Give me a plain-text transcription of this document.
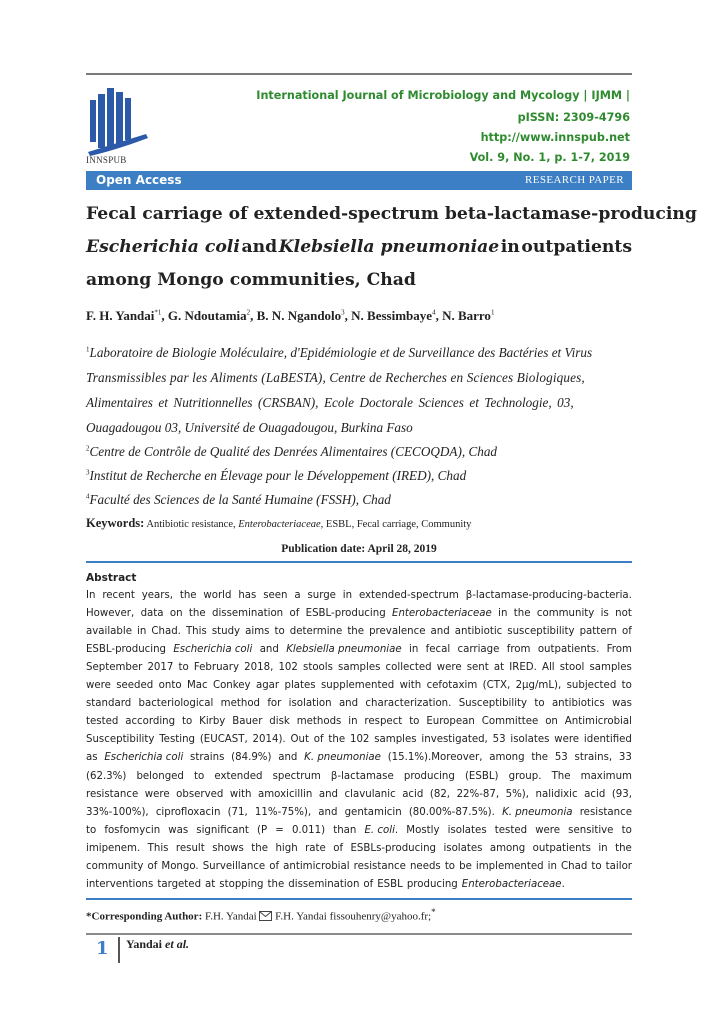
INNSPUB
International Journal of Microbiology and Mycology | IJMM |
pISSN: 2309-4796
http://www.innspub.net
Vol. 9, No. 1, p. 1-7, 2019
Open Access	RESEARCH PAPER
Fecal carriage of extended-spectrum beta-lactamase-producing
Escherichia coli and Klebsiella pneumoniae in outpatients
among Mongo communities, Chad
F. H. Yandai$^{*1}$, G. Ndoutamia$^2$, B. N. Ngandolo$^3$, N. Bessimbaye$^4$, N. Barro$^1$
$^1$Laboratoire de Biologie Moléculaire, d'Epidémiologie et de Surveillance des Bactéries et Virus
Transmissibles par les Aliments (LaBESTA), Centre de Recherches en Sciences Biologiques,
Alimentaires et Nutritionnelles (CRSBAN), Ecole Doctorale Sciences et Technologie, 03,
Ouagadougou 03, Université de Ouagadougou, Burkina Faso
$^2$Centre de Contrôle de Qualité des Denrées Alimentaires (CECOQDA), Chad
$^3$Institut de Recherche en Élevage pour le Développement (IRED), Chad
$^4$Faculté des Sciences de la Santé Humaine (FSSH), Chad
Keywords: Antibiotic resistance, Enterobacteriaceae, ESBL, Fecal carriage, Community
Publication date: April 28, 2019
Abstract
In recent years, the world has seen a surge in extended-spectrum β-lactamase-producing-bacteria.
However, data on the dissemination of ESBL-producing Enterobacteriaceae in the community is not
available in Chad. This study aims to determine the prevalence and antibiotic susceptibility pattern of
ESBL-producing Escherichia coli and Klebsiella pneumoniae in fecal carriage from outpatients. From
September 2017 to February 2018, 102 stools samples collected were sent at IRED. All stool samples
were seeded onto Mac Conkey agar plates supplemented with cefotaxim (CTX, 2µg/mL), subjected to
standard bacteriological method for isolation and characterization. Susceptibility to antibiotics was
tested according to Kirby Bauer disk methods in respect to European Committee on Antimicrobial
Susceptibility Testing (EUCAST, 2014). Out of the 102 samples investigated, 53 isolates were identified
as Escherichia coli strains (84.9%) and K. pneumoniae (15.1%).Moreover, among the 53 strains, 33
(62.3%) belonged to extended spectrum β-lactamase producing (ESBL) group. The maximum
resistance were observed with amoxicillin and clavulanic acid (82, 22%-87, 5%), nalidixic acid (93,
33%-100%), ciprofloxacin (71, 11%-75%), and gentamicin (80.00%-87.5%). K. pneumonia resistance
to fosfomycin was significant (P = 0.011) than E. coli. Mostly isolates tested were sensitive to
imipenem. This result shows the high rate of ESBLs-producing isolates among outpatients in the
community of Mongo. Surveillance of antimicrobial resistance needs to be implemented in Chad to tailor
interventions targeted at stopping the dissemination of ESBL producing Enterobacteriaceae.
*Corresponding Author: F.H. Yandai F.H. Yandai fissouhenry@yahoo.fr;*
1 Yandai et al.
